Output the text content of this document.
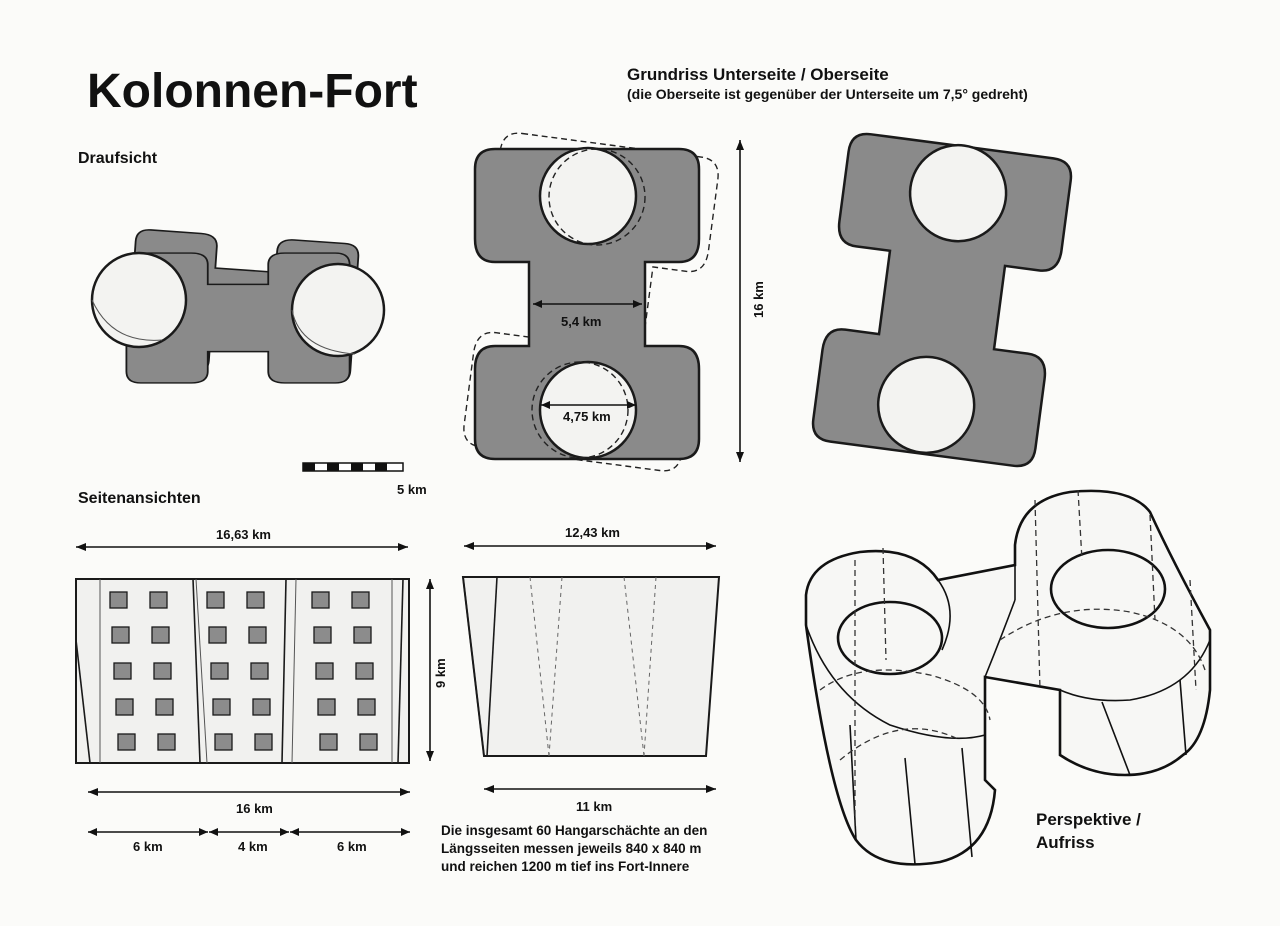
Kolonnen-Fort	Grundriss Unterseite / Oberseite
(die Oberseite ist gegenüber der Unterseite um 7,5° gedreht)
Draufsicht
5 km
5,4 km
4,75 km
16 km
Seitenansichten
16,63 km	12,43 km
9 km
16 km	11 km
6 km	4 km	6 km
Die insgesamt 60 Hangarschächte an den
Längsseiten messen jeweils 840 x 840 m
und reichen 1200 m tief ins Fort-Innere
Perspektive /
Aufriss
